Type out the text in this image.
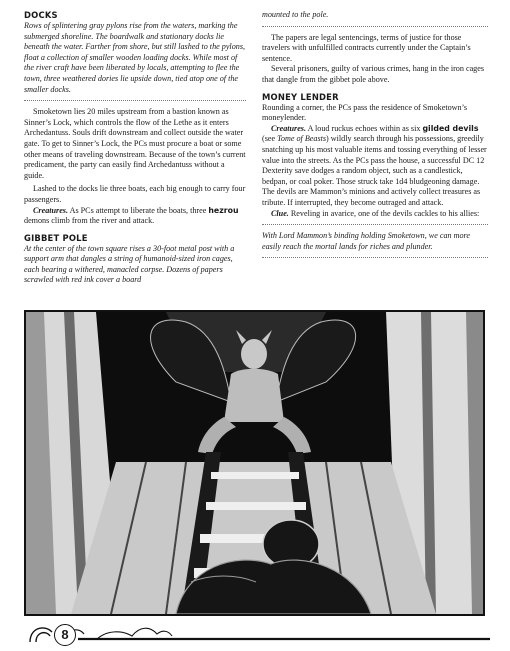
DOCKS

Rows of splintering gray pylons rise from the waters, marking the submerged shoreline. The boardwalk and stationary docks lie beneath the water. Farther from shore, but still lashed to the pylons, float a collection of smaller wooden loading docks. While most of the river craft have been liberated by locals, attempting to flee the town, three weathered dories lie upside down, tied atop one of the smaller docks.

Smoketown lies 20 miles upstream from a bastion known as Sinner’s Lock, which controls the flow of the Lethe as it enters Archedantuss. Souls drift downstream and collect outside the water gate. To get to Sinner’s Lock, the PCs must procure a boat or some other means of traveling downstream. Because of the town’s current predicament, the party can easily find Archedantuss without a guide.

Lashed to the docks lie three boats, each big enough to carry four passengers.

Creatures. As PCs attempt to liberate the boats, three hezrou demons climb from the river and attack.

GIBBET POLE

At the center of the town square rises a 30-foot metal post with a support arm that dangles a string of humanoid-sized iron cages, each bearing a withered, manacled corpse. Dozens of papers scrawled with red ink cover a board

mounted to the pole.

The papers are legal sentencings, terms of justice for those travelers with unfulfilled contracts currently under the Captain’s sentence.

Several prisoners, guilty of various crimes, hang in the iron cages that dangle from the gibbet pole above.

MONEY LENDER

Rounding a corner, the PCs pass the residence of Smoketown’s moneylender.

Creatures. A loud ruckus echoes within as six gilded devils (see Tome of Beasts) wildly search through his possessions, greedily snatching up his most valuable items and tossing everything of lesser value into the streets. As the PCs pass the house, a successful DC 12 Dexterity save dodges a random object, such as a candlestick, bedpan, or coal poker. Those struck take 1d4 bludgeoning damage. The devils are Mammon’s minions and actively collect treasures as tribute. If interrupted, they become outraged and attack.

Clue. Reveling in avarice, one of the devils cackles to his allies:

With Lord Mammon’s binding holding Smoketown, we can more easily reach the mortal lands for riches and plunder.

8
